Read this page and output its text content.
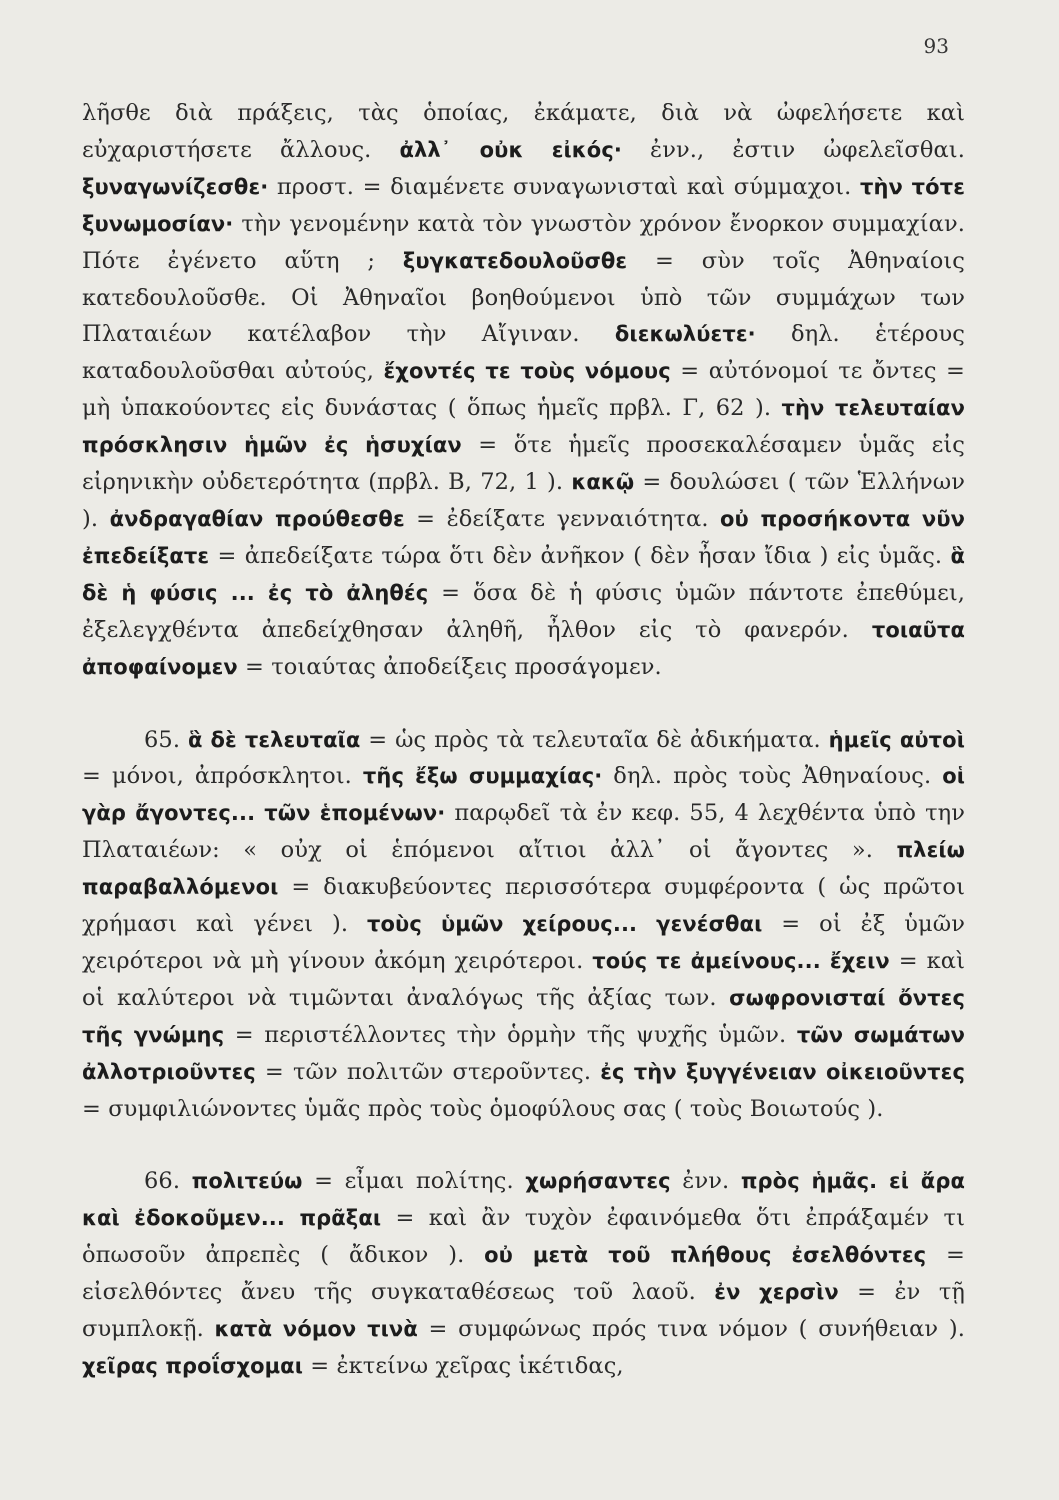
93

λῆσθε διὰ πράξεις, τὰς ὁποίας, ἐκάματε, διὰ νὰ ὠφελήσετε καὶ εὐχαριστήσετε ἄλλους. ἀλλ᾽ οὐκ εἰκός· ἐνν., ἐστιν ὠφελεῖσθαι. ξυναγωνίζεσθε· προστ. = διαμένετε συναγωνισταὶ καὶ σύμμαχοι. τὴν τότε ξυνωμοσίαν· τὴν γενομένην κατὰ τὸν γνωστὸν χρόνον ἔνορκον συμμαχίαν. Πότε ἐγένετο αὕτη ; ξυγκατεδουλοῦσθε = σὺν τοῖς Ἀθηναίοις κατεδουλοῦσθε. Οἱ Ἀθηναῖοι βοηθούμενοι ὑπὸ τῶν συμμάχων των Πλαταιέων κατέλαβον τὴν Αἴγιναν. διεκωλύετε· δηλ. ἑτέρους καταδουλοῦσθαι αὐτούς, ἔχοντές τε τοὺς νόμους = αὐτόνομοί τε ὄντες = μὴ ὑπακούοντες εἰς δυνάστας ( ὅπως ἡμεῖς πρβλ. Γ, 62 ). τὴν τελευταίαν πρόσκλησιν ἡμῶν ἐς ἡσυχίαν = ὅτε ἡμεῖς προσεκαλέσαμεν ὑμᾶς εἰς εἰρηνικὴν οὐδετερότητα (πρβλ. Β, 72, 1 ). κακῷ = δουλώσει ( τῶν Ἑλλήνων ). ἀνδραγαθίαν προύθεσθε = ἐδείξατε γενναιότητα. οὐ προσήκοντα νῦν ἐπεδείξατε = ἀπεδείξατε τώρα ὅτι δὲν ἀνῆκον ( δὲν ἦσαν ἴδια ) εἰς ὑμᾶς. ἃ δὲ ἡ φύσις ... ἐς τὸ ἀληθές = ὅσα δὲ ἡ φύσις ὑμῶν πάντοτε ἐπεθύμει, ἐξελεγχθέντα ἀπεδείχθησαν ἀληθῆ, ἦλθον εἰς τὸ φανερόν. τοιαῦτα ἀποφαίνομεν = τοιαύτας ἀποδείξεις προσάγομεν.

65. ἃ δὲ τελευταῖα = ὡς πρὸς τὰ τελευταῖα δὲ ἀδικήματα. ἡμεῖς αὐτοὶ = μόνοι, ἀπρόσκλητοι. τῆς ἔξω συμμαχίας· δηλ. πρὸς τοὺς Ἀθηναίους. οἱ γὰρ ἄγοντες... τῶν ἑπομένων· παρῳδεῖ τὰ ἐν κεφ. 55, 4 λεχθέντα ὑπὸ την Πλαταιέων: « οὐχ οἱ ἑπόμενοι αἴτιοι ἀλλ᾽ οἱ ἄγοντες ». πλείω παραβαλλόμενοι = διακυβεύοντες περισσότερα συμφέροντα ( ὡς πρῶτοι χρήμασι καὶ γένει ). τοὺς ὑμῶν χείρους... γενέσθαι = οἱ ἐξ ὑμῶν χειρότεροι νὰ μὴ γίνουν ἀκόμη χειρότεροι. τούς τε ἀμείνους... ἔχειν = καὶ οἱ καλύτεροι νὰ τιμῶνται ἀναλόγως τῆς ἀξίας των. σωφρονισταί ὄντες τῆς γνώμης = περιστέλλοντες τὴν ὁρμὴν τῆς ψυχῆς ὑμῶν. τῶν σωμάτων ἀλλοτριοῦντες = τῶν πολιτῶν στεροῦντες. ἐς τὴν ξυγγένειαν οἰκειοῦντες = συμφιλιώνοντες ὑμᾶς πρὸς τοὺς ὁμοφύλους σας ( τοὺς Βοιωτούς ).

66. πολιτεύω = εἶμαι πολίτης. χωρήσαντες ἐνν. πρὸς ἡμᾶς. εἰ ἄρα καὶ ἐδοκοῦμεν... πρᾶξαι = καὶ ἂν τυχὸν ἐφαινόμεθα ὅτι ἐπράξαμέν τι ὁπωσοῦν ἀπρεπὲς ( ἄδικον ). οὐ μετὰ τοῦ πλήθους ἐσελθόντες = εἰσελθόντες ἄνευ τῆς συγκαταθέσεως τοῦ λαοῦ. ἐν χερσὶν = ἐν τῇ συμπλοκῇ. κατὰ νόμον τινὰ = συμφώνως πρός τινα νόμον ( συνήθειαν ). χεῖρας προΐσχομαι = ἐκτείνω χεῖρας ἱκέτιδας,
